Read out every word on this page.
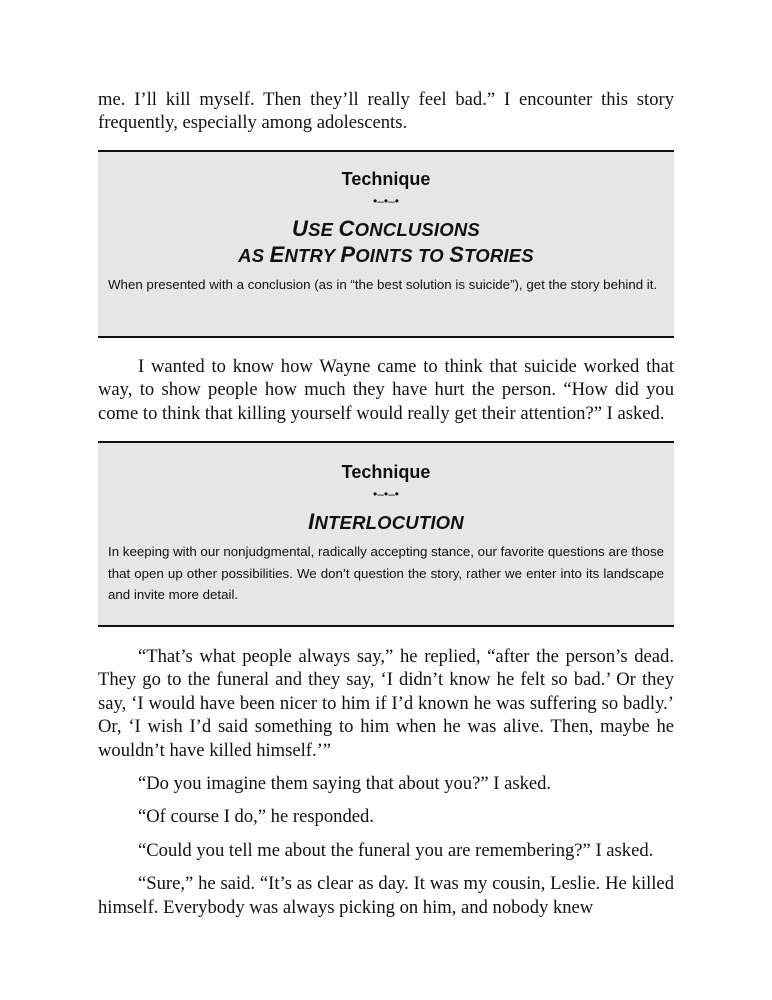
me. I’ll kill myself. Then they’ll really feel bad.” I encounter this story frequently, especially among adolescents.

Technique

•–•–•

USE CONCLUSIONS

AS ENTRY POINTS TO STORIES

When presented with a conclusion (as in “the best solution is suicide”), get the story behind it.

I wanted to know how Wayne came to think that suicide worked that way, to show people how much they have hurt the person. “How did you come to think that killing yourself would really get their attention?” I asked.

Technique

•–•–•

INTERLOCUTION

In keeping with our nonjudgmental, radically accepting stance, our favorite questions are those that open up other possibilities. We don’t question the story, rather we enter into its landscape and invite more detail.

“That’s what people always say,” he replied, “after the person’s dead. They go to the funeral and they say, ‘I didn’t know he felt so bad.’ Or they say, ‘I would have been nicer to him if I’d known he was suffering so badly.’ Or, ‘I wish I’d said something to him when he was alive. Then, maybe he wouldn’t have killed himself.’”

“Do you imagine them saying that about you?” I asked.

“Of course I do,” he responded.

“Could you tell me about the funeral you are remembering?” I asked.

“Sure,” he said. “It’s as clear as day. It was my cousin, Leslie. He killed himself. Everybody was always picking on him, and nobody knew
